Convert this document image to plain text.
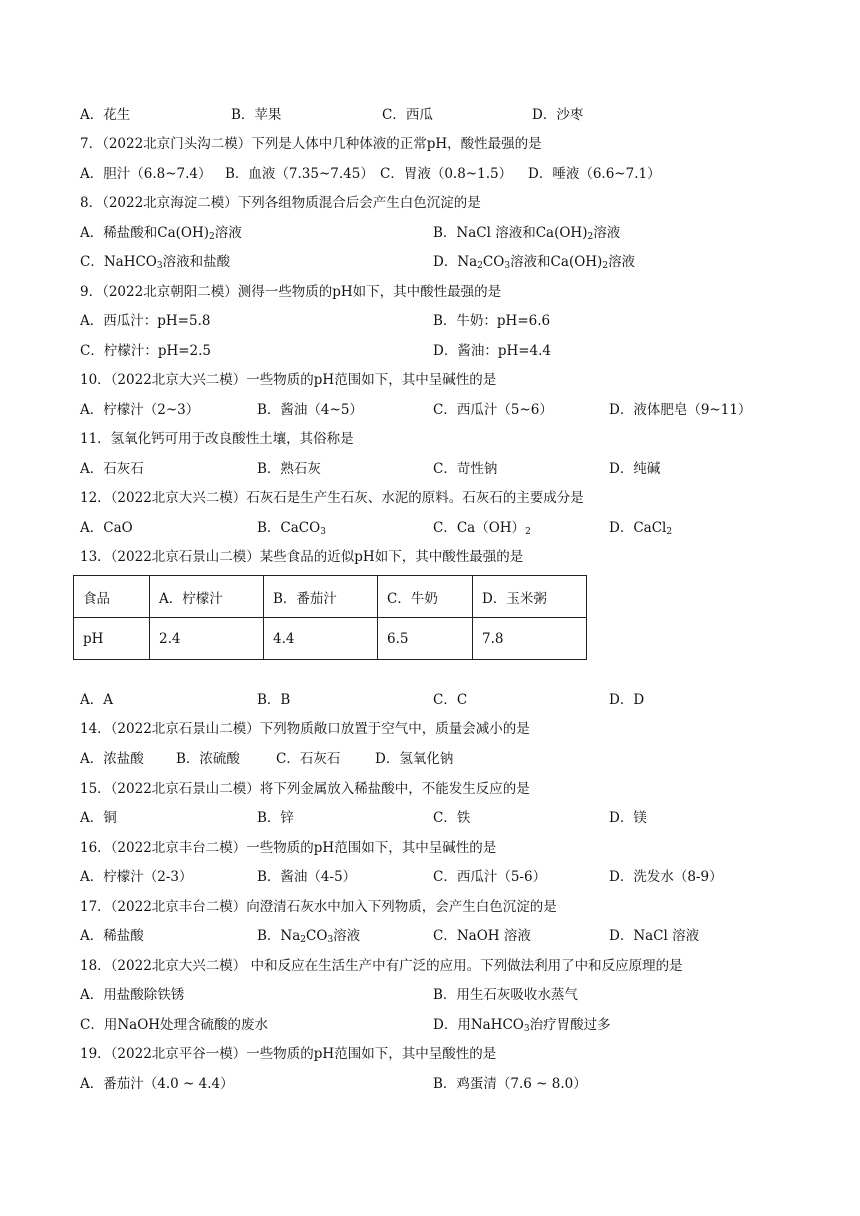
A．花生	B．苹果	C．西瓜	D．沙枣
7．（2022北京门头沟二模）下列是人体中几种体液的正常pH，酸性最强的是
A．胆汁（6.8~7.4） B．血液（7.35~7.45） C．胃液（0.8~1.5） D．唾液（6.6~7.1）
8．（2022北京海淀二模）下列各组物质混合后会产生白色沉淀的是
A．稀盐酸和$Ca(OH)_2$溶液	B．NaCl 溶液和$Ca(OH)_2$溶液
C．NaHCO$_3$溶液和盐酸	D．$Na_2CO_3$溶液和$Ca(OH)_2$溶液
9．（2022北京朝阳二模）测得一些物质的pH如下，其中酸性最强的是
A．西瓜汁：pH=5.8	B．牛奶：pH=6.6
C．柠檬汁：pH=2.5	D．酱油：pH=4.4
10．（2022北京大兴二模）一些物质的pH范围如下，其中呈碱性的是
A．柠檬汁（2~3）	B．酱油（4~5）	C．西瓜汁（5~6）	D．液体肥皂（9~11）
11．氢氧化钙可用于改良酸性土壤，其俗称是
A．石灰石	B．熟石灰	C．苛性钠	D．纯碱
12．（2022北京大兴二模）石灰石是生产生石灰、水泥的原料。石灰石的主要成分是
A．CaO	B．CaCO$_3$	C．$Ca(OH)_2$	D．CaCl$_2$
13．（2022北京石景山二模）某些食品的近似pH如下，其中酸性最强的是
食品	A．柠檬汁	B．番茄汁	C．牛奶	D．玉米粥
pH	2.4	4.4	6.5	7.8
A．A	B．B	C．C	D．D
14．（2022北京石景山二模）下列物质敞口放置于空气中，质量会减小的是
A．浓盐酸 B．浓硫酸	C．石灰石	D．氢氧化钠
15．（2022北京石景山二模）将下列金属放入稀盐酸中，不能发生反应的是
A．铜	B．锌	C．铁	D．镁
16．（2022北京丰台二模）一些物质的pH范围如下，其中呈碱性的是
A．柠檬汁（2-3）	B．酱油（4-5）	C．西瓜汁（5-6）	D．洗发水（8-9）
17．（2022北京丰台二模）向澄清石灰水中加入下列物质，会产生白色沉淀的是
A．稀盐酸	B．$Na_2CO_3$溶液	C．NaOH 溶液	D．NaCl 溶液
18．（2022北京大兴二模） 中和反应在生活生产中有广泛的应用。下列做法利用了中和反应原理的是
A．用盐酸除铁锈	B．用生石灰吸收水蒸气
C．用NaOH处理含硫酸的废水	D．用NaHCO$_3$治疗胃酸过多
19．（2022北京平谷一模）一些物质的pH范围如下，其中呈酸性的是
A．番茄汁（4.0 ~ 4.4）	B．鸡蛋清（7.6 ~ 8.0）
